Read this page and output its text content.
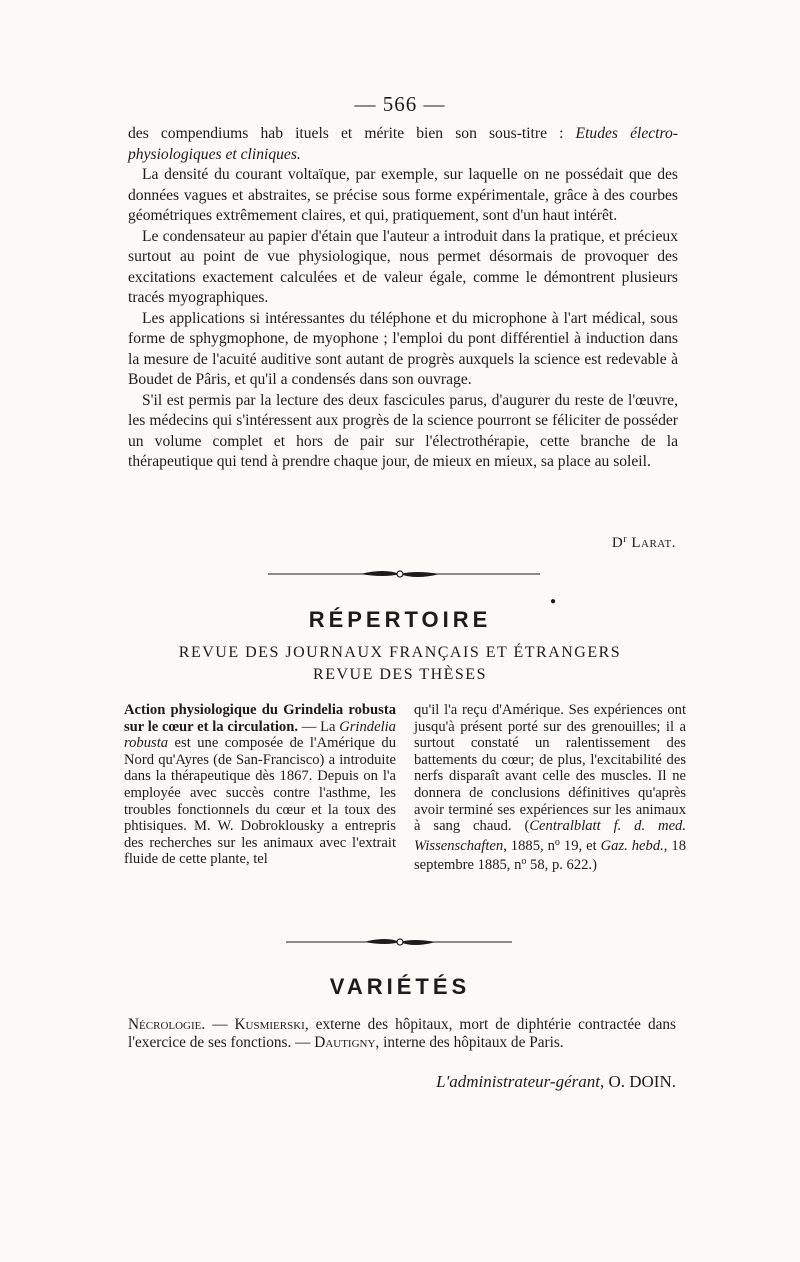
— 566 —

des compendiums hab ituels et mérite bien son sous-titre : Etudes électro-physiologiques et cliniques.

La densité du courant voltaïque, par exemple, sur laquelle on ne possédait que des données vagues et abstraites, se précise sous forme expérimentale, grâce à des courbes géométriques extrêmement claires, et qui, pratiquement, sont d'un haut intérêt.

Le condensateur au papier d'étain que l'auteur a introduit dans la pratique, et précieux surtout au point de vue physiologique, nous permet désormais de provoquer des excitations exactement calculées et de valeur égale, comme le démontrent plusieurs tracés myographiques.

Les applications si intéressantes du téléphone et du microphone à l'art médical, sous forme de sphygmophone, de myophone ; l'emploi du pont différentiel à induction dans la mesure de l'acuité auditive sont autant de progrès auxquels la science est redevable à Boudet de Pâris, et qu'il a condensés dans son ouvrage.

S'il est permis par la lecture des deux fascicules parus, d'augurer du reste de l'œuvre, les médecins qui s'intéressent aux progrès de la science pourront se féliciter de posséder un volume complet et hors de pair sur l'électrothérapie, cette branche de la thérapeutique qui tend à prendre chaque jour, de mieux en mieux, sa place au soleil.

$D^r$ Larat.
●
RÉPERTOIRE
REVUE DES JOURNAUX FRANÇAIS ET ÉTRANGERS
REVUE DES THÈSES
Action physiologique du Grindelia robusta sur le cœur et la circulation. — La Grindelia robusta est une composée de l'Amérique du Nord qu'Ayres (de San-Francisco) a introduite dans la thérapeutique dès 1867. Depuis on l'a employée avec succès contre l'asthme, les troubles fonctionnels du cœur et la toux des phtisiques. M. W. Dobroklousky a entrepris des recherches sur les animaux avec l'extrait fluide de cette plante, tel
qu'il l'a reçu d'Amérique. Ses expériences ont jusqu'à présent porté sur des grenouilles; il a surtout constaté un ralentissement des battements du cœur; de plus, l'excitabilité des nerfs disparaît avant celle des muscles. Il ne donnera de conclusions définitives qu'après avoir terminé ses expériences sur les animaux à sang chaud. (Centralblatt f. d. med. Wissenschaften, 1885, $n^o$ 19, et Gaz. hebd., 18 septembre 1885, $n^o$ 58, p. 622.)
VARIÉTÉS
Nécrologie. — Kusmierski, externe des hôpitaux, mort de diphtérie contractée dans l'exercice de ses fonctions. — Dautigny, interne des hôpitaux de Paris.
L'administrateur-gérant, O. DOIN.
